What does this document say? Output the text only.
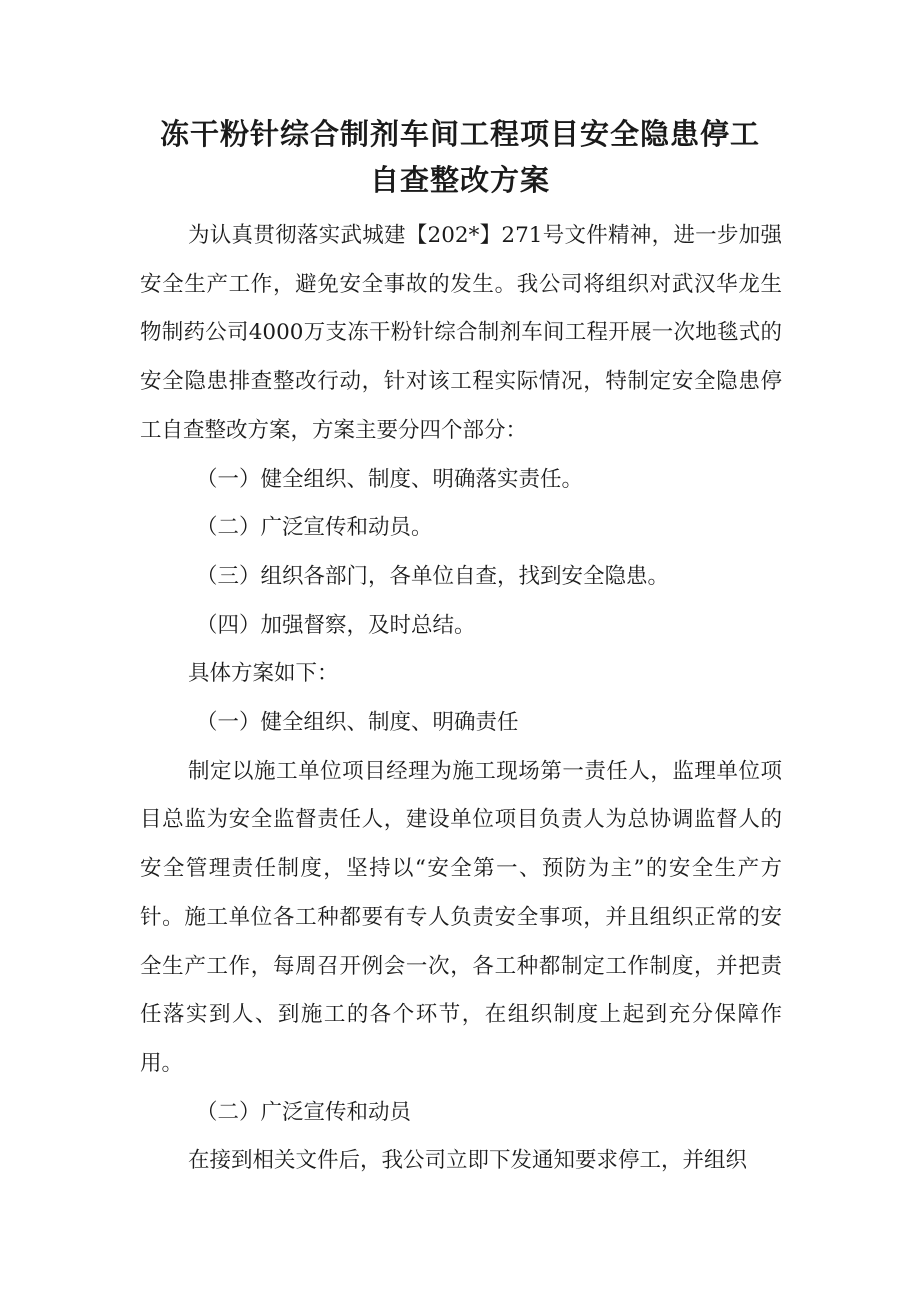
冻干粉针综合制剂车间工程项目安全隐患停工
自查整改方案

为认真贯彻落实武城建【202*】271号文件精神，进一步加强安全生产工作，避免安全事故的发生。我公司将组织对武汉华龙生物制药公司4000万支冻干粉针综合制剂车间工程开展一次地毯式的安全隐患排查整改行动，针对该工程实际情况，特制定安全隐患停工自查整改方案，方案主要分四个部分：

（一）健全组织、制度、明确落实责任。

（二）广泛宣传和动员。

（三）组织各部门，各单位自查，找到安全隐患。

（四）加强督察，及时总结。

具体方案如下：

（一）健全组织、制度、明确责任

制定以施工单位项目经理为施工现场第一责任人，监理单位项目总监为安全监督责任人，建设单位项目负责人为总协调监督人的安全管理责任制度，坚持以“安全第一、预防为主”的安全生产方针。施工单位各工种都要有专人负责安全事项，并且组织正常的安全生产工作，每周召开例会一次，各工种都制定工作制度，并把责任落实到人、到施工的各个环节，在组织制度上起到充分保障作用。

（二）广泛宣传和动员

在接到相关文件后，我公司立即下发通知要求停工，并组织
